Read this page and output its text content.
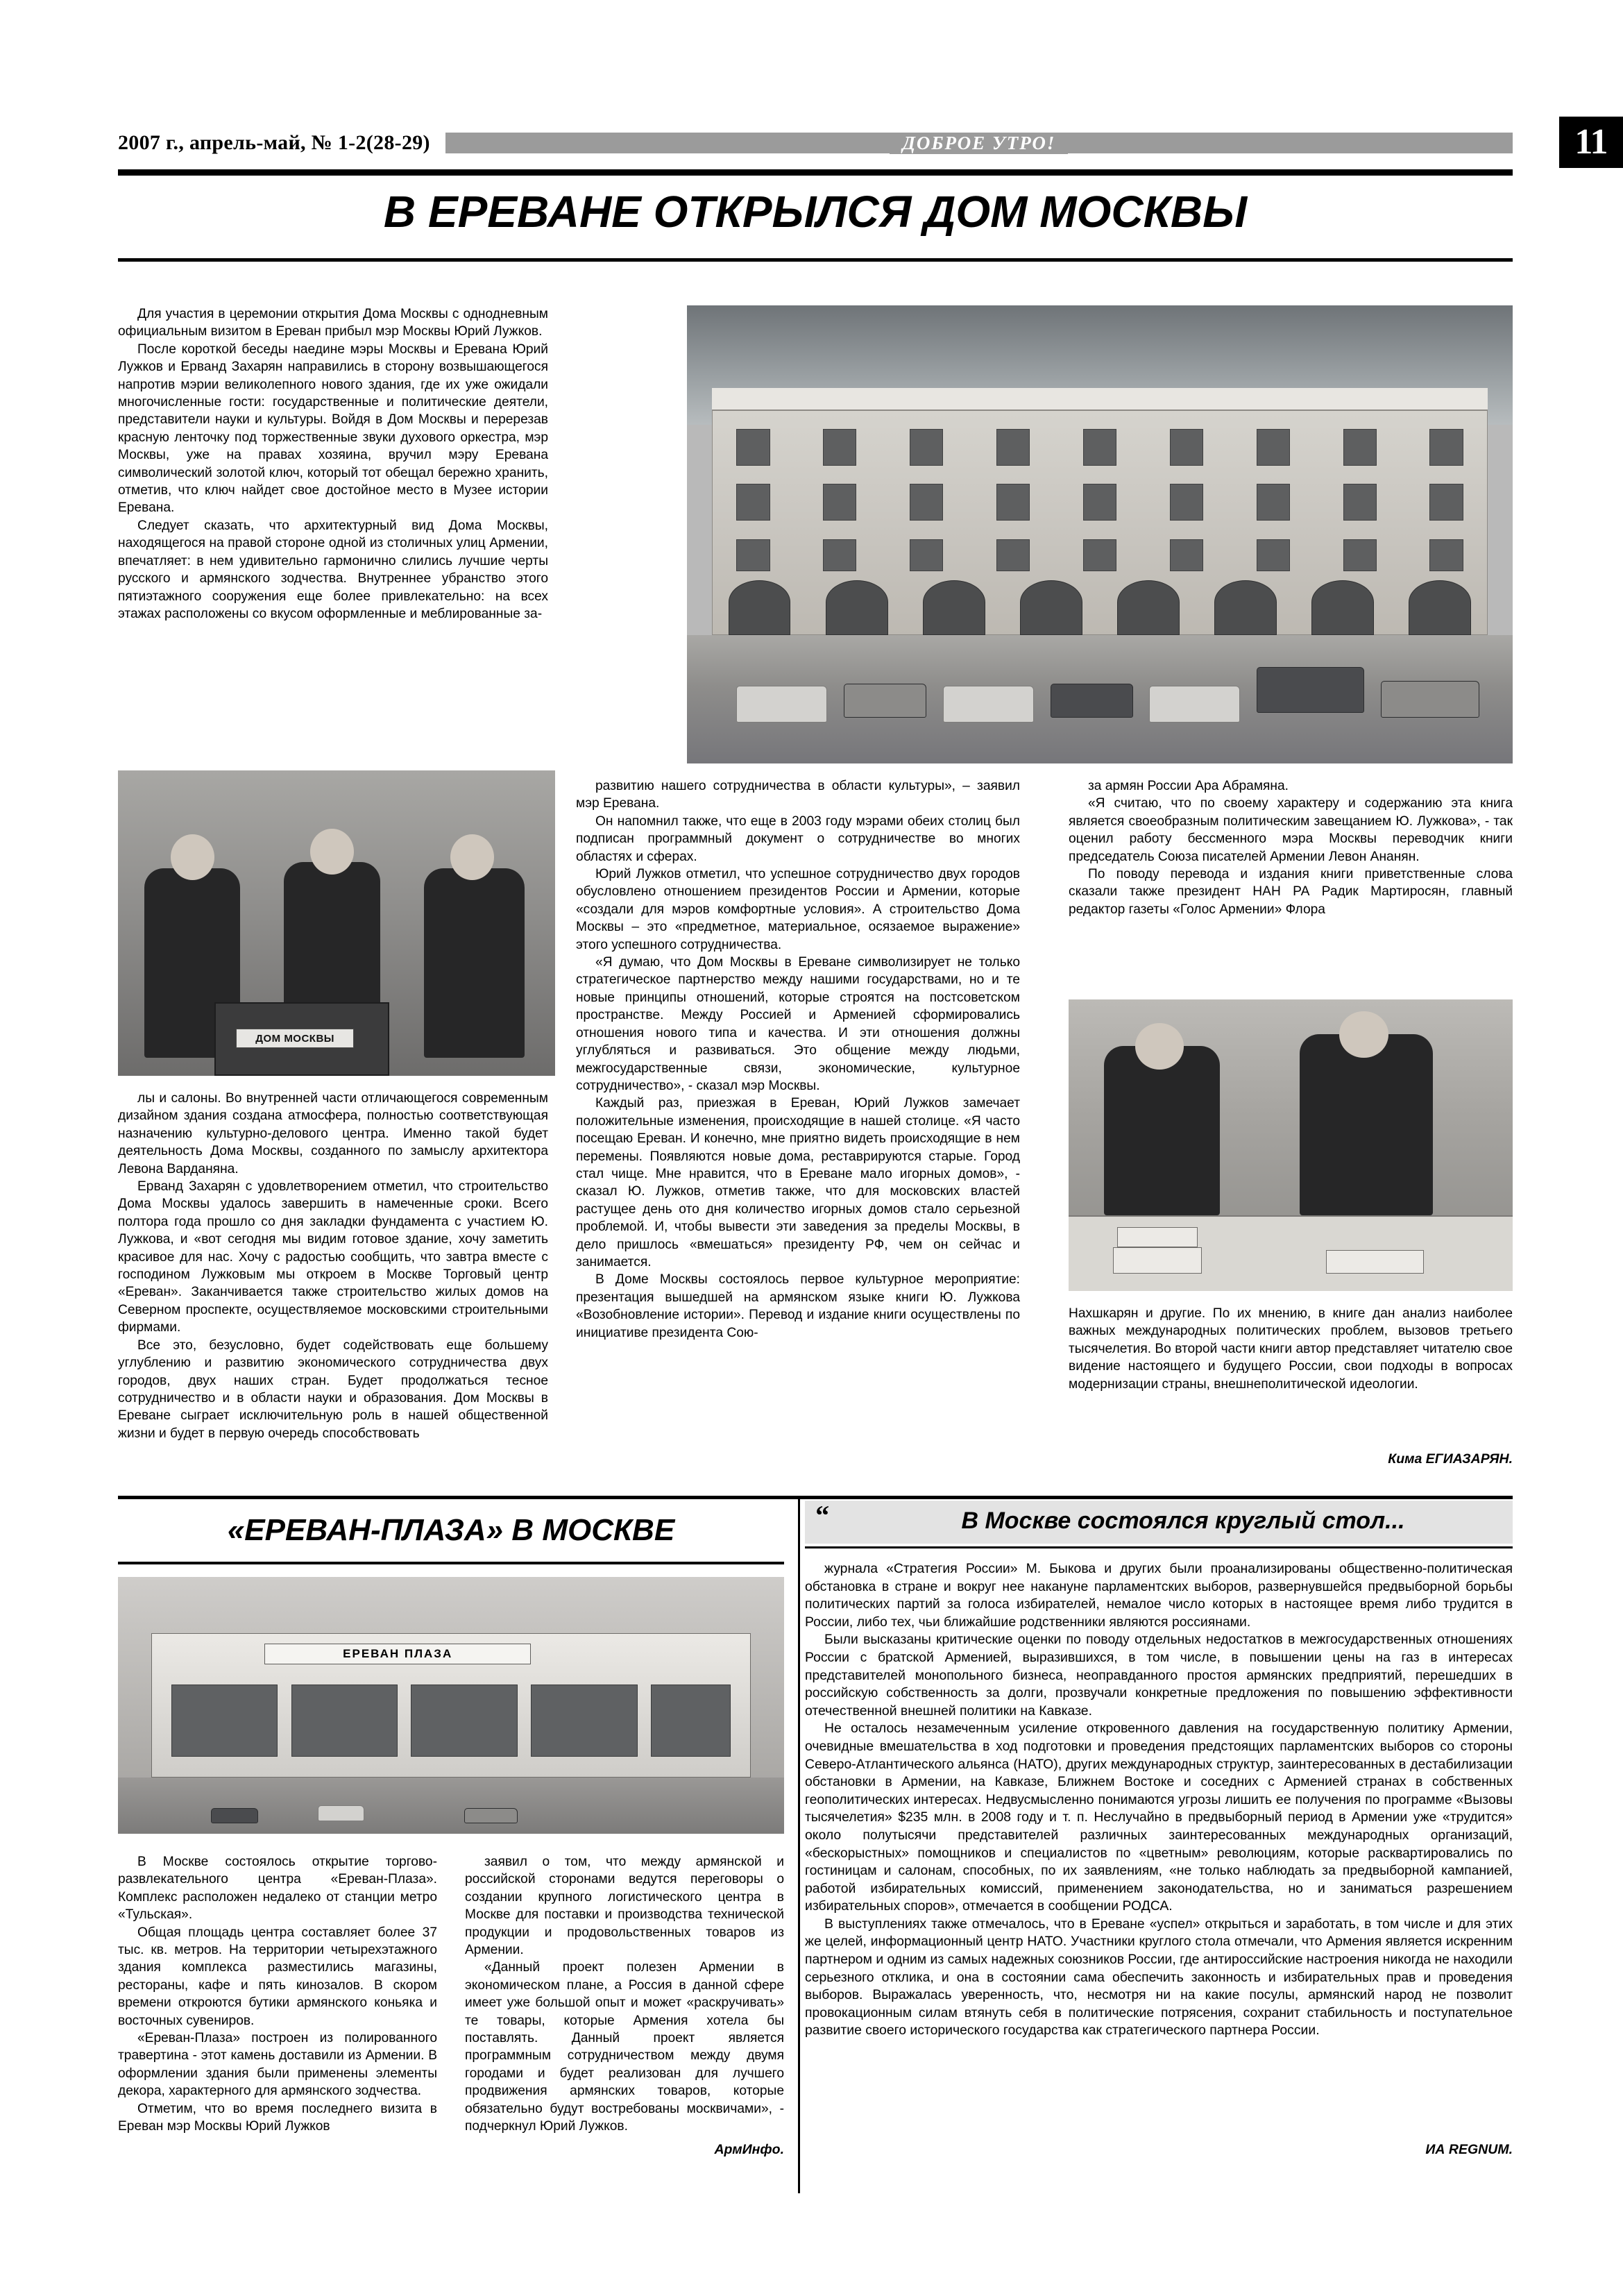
2007 г., апрель-май, № 1-2(28-29)	ДОБРОЕ УТРО!	11
В ЕРЕВАНЕ ОТКРЫЛСЯ ДОМ МОСКВЫ
ДОМ МОСКВЫ

Для участия в церемонии открытия Дома Москвы с однодневным официальным визитом в Ереван прибыл мэр Москвы Юрий Лужков.

После короткой беседы наедине мэры Москвы и Еревана Юрий Лужков и Ерванд Захарян направились в сторону возвышающегося напротив мэрии великолепного нового здания, где их уже ожидали многочисленные гости: государственные и политические деятели, представители науки и культуры. Войдя в Дом Москвы и перерезав красную ленточку под торжественные звуки духового оркестра, мэр Москвы, уже на правах хозяина, вручил мэру Еревана символический золотой ключ, который тот обещал бережно хранить, отметив, что ключ найдет свое достойное место в Музее истории Еревана.

Следует сказать, что архитектурный вид Дома Москвы, находящегося на правой стороне одной из столичных улиц Армении, впечатляет: в нем удивительно гармонично слились лучшие черты русского и армянского зодчества. Внутреннее убранство этого пятиэтажного сооружения еще более привлекательно: на всех этажах расположены со вкусом оформленные и меблированные за-

лы и салоны. Во внутренней части отличающегося современным дизайном здания создана атмосфера, полностью соответствующая назначению культурно-делового центра. Именно такой будет деятельность Дома Москвы, созданного по замыслу архитектора Левона Варданяна.

Ерванд Захарян с удовлетворением отметил, что строительство Дома Москвы удалось завершить в намеченные сроки. Всего полтора года прошло со дня закладки фундамента с участием Ю. Лужкова, и «вот сегодня мы видим готовое здание, хочу заметить красивое для нас. Хочу с радостью сообщить, что завтра вместе с господином Лужковым мы откроем в Москве Торговый центр «Ереван». Заканчивается также строительство жилых домов на Северном проспекте, осуществляемое московскими строительными фирмами.

Все это, безусловно, будет содействовать еще большему углублению и развитию экономического сотрудничества двух городов, двух наших стран. Будет продолжаться тесное сотрудничество и в области науки и образования. Дом Москвы в Ереване сыграет исключительную роль в нашей общественной жизни и будет в первую очередь способствовать

развитию нашего сотрудничества в области культуры», – заявил мэр Еревана.

Он напомнил также, что еще в 2003 году мэрами обеих столиц был подписан программный документ о сотрудничестве во многих областях и сферах.

Юрий Лужков отметил, что успешное сотрудничество двух городов обусловлено отношением президентов России и Армении, которые «создали для мэров комфортные условия». А строительство Дома Москвы – это «предметное, материальное, осязаемое выражение» этого успешного сотрудничества.

«Я думаю, что Дом Москвы в Ереване символизирует не только стратегическое партнерство между нашими государствами, но и те новые принципы отношений, которые строятся на постсоветском пространстве. Между Россией и Арменией сформировались отношения нового типа и качества. И эти отношения должны углубляться и развиваться. Это общение между людьми, межгосударственные связи, экономические, культурное сотрудничество», - сказал мэр Москвы.

Каждый раз, приезжая в Ереван, Юрий Лужков замечает положительные изменения, происходящие в нашей столице. «Я часто посещаю Ереван. И конечно, мне приятно видеть происходящие в нем перемены. Появляются новые дома, реставрируются старые. Город стал чище. Мне нравится, что в Ереване мало игорных домов», - сказал Ю. Лужков, отметив также, что для московских властей растущее день ото дня количество игорных домов стало серьезной проблемой. И, чтобы вывести эти заведения за пределы Москвы, в дело пришлось «вмешаться» президенту РФ, чем он сейчас и занимается.

В Доме Москвы состоялось первое культурное мероприятие: презентация вышедшей на армянском языке книги Ю. Лужкова «Возобновление истории». Перевод и издание книги осуществлены по инициативе президента Сою-

за армян России Ара Абрамяна.

«Я считаю, что по своему характеру и содержанию эта книга является своеобразным политическим завещанием Ю. Лужкова», - так оценил работу бессменного мэра Москвы переводчик книги председатель Союза писателей Армении Левон Ананян.

По поводу перевода и издания книги приветственные слова сказали также президент НАН РА Радик Мартиросян, главный редактор газеты «Голос Армении» Флора

Нахшкарян и другие. По их мнению, в книге дан анализ наиболее важных международных политических проблем, вызовов третьего тысячелетия. Во второй части книги автор представляет читателю свое видение настоящего и будущего России, свои подходы в вопросах модернизации страны, внешнеполитической идеологии.
Кима ЕГИАЗАРЯН.
«ЕРЕВАН-ПЛАЗА» В МОСКВЕ
ЕРЕВАН ПЛАЗА

В Москве состоялось открытие торгово-развлекательного центра «Ереван-Плаза». Комплекс расположен недалеко от станции метро «Тульская».

Общая площадь центра составляет более 37 тыс. кв. метров. На территории четырехэтажного здания комплекса разместились магазины, рестораны, кафе и пять кинозалов. В скором времени откроются бутики армянского коньяка и восточных сувениров.

«Ереван-Плаза» построен из полированного травертина - этот камень доставили из Армении. В оформлении здания были применены элементы декора, характерного для армянского зодчества.

Отметим, что во время последнего визита в Ереван мэр Москвы Юрий Лужков

заявил о том, что между армянской и российской сторонами ведутся переговоры о создании крупного логистического центра в Москве для поставки и производства технической продукции и продовольственных товаров из Армении.

«Данный проект полезен Армении в экономическом плане, а Россия в данной сфере имеет уже большой опыт и может «раскручивать» те товары, которые Армения хотела бы поставлять. Данный проект является программным сотрудничеством между двумя городами и будет реализован для лучшего продвижения армянских товаров, которые обязательно будут востребованы москвичами», - подчеркнул Юрий Лужков.

АрмИнфо.
„	В Москве состоялся круглый стол...

журнала «Стратегия России» М. Быкова и других были проанализированы общественно-политическая обстановка в стране и вокруг нее накануне парламентских выборов, развернувшейся предвыборной борьбы политических партий за голоса избирателей, немалое число которых в настоящее время либо трудится в России, либо тех, чьи ближайшие родственники являются россиянами.

Были высказаны критические оценки по поводу отдельных недостатков в межгосударственных отношениях России с братской Арменией, выразившихся, в том числе, в повышении цены на газ в интересах представителей монопольного бизнеса, неоправданного простоя армянских предприятий, перешедших в российскую собственность за долги, прозвучали конкретные предложения по повышению эффективности отечественной внешней политики на Кавказе.

Не осталось незамеченным усиление откровенного давления на государственную политику Армении, очевидные вмешательства в ход подготовки и проведения предстоящих парламентских выборов со стороны Северо-Атлантического альянса (НАТО), других международных структур, заинтересованных в дестабилизации обстановки в Армении, на Кавказе, Ближнем Востоке и соседних с Арменией странах в собственных геополитических интересах. Недвусмысленно понимаются угрозы лишить ее получения по программе «Вызовы тысячелетия» $235 млн. в 2008 году и т. п. Неслучайно в предвыборный период в Армении уже «трудится» около полутысячи представителей различных заинтересованных международных организаций, «бескорыстных» помощников и специалистов по «цветным» революциям, которые расквартировались по гостиницам и салонам, способных, по их заявлениям, «не только наблюдать за предвыборной кампанией, работой избирательных комиссий, применением законодательства, но и заниматься разрешением избирательных споров», отмечается в сообщении РОДСА.

В выступлениях также отмечалось, что в Ереване «успел» открыться и заработать, в том числе и для этих же целей, информационный центр НАТО. Участники круглого стола отмечали, что Армения является искренним партнером и одним из самых надежных союзников России, где антироссийские настроения никогда не находили серьезного отклика, и она в состоянии сама обеспечить законность и избирательных прав и проведения выборов. Выражалась уверенность, что, несмотря ни на какие посулы, армянский народ не позволит провокационным силам втянуть себя в политические потрясения, сохранит стабильность и поступательное развитие своего исторического государства как стратегического партнера России.

ИА REGNUM.
